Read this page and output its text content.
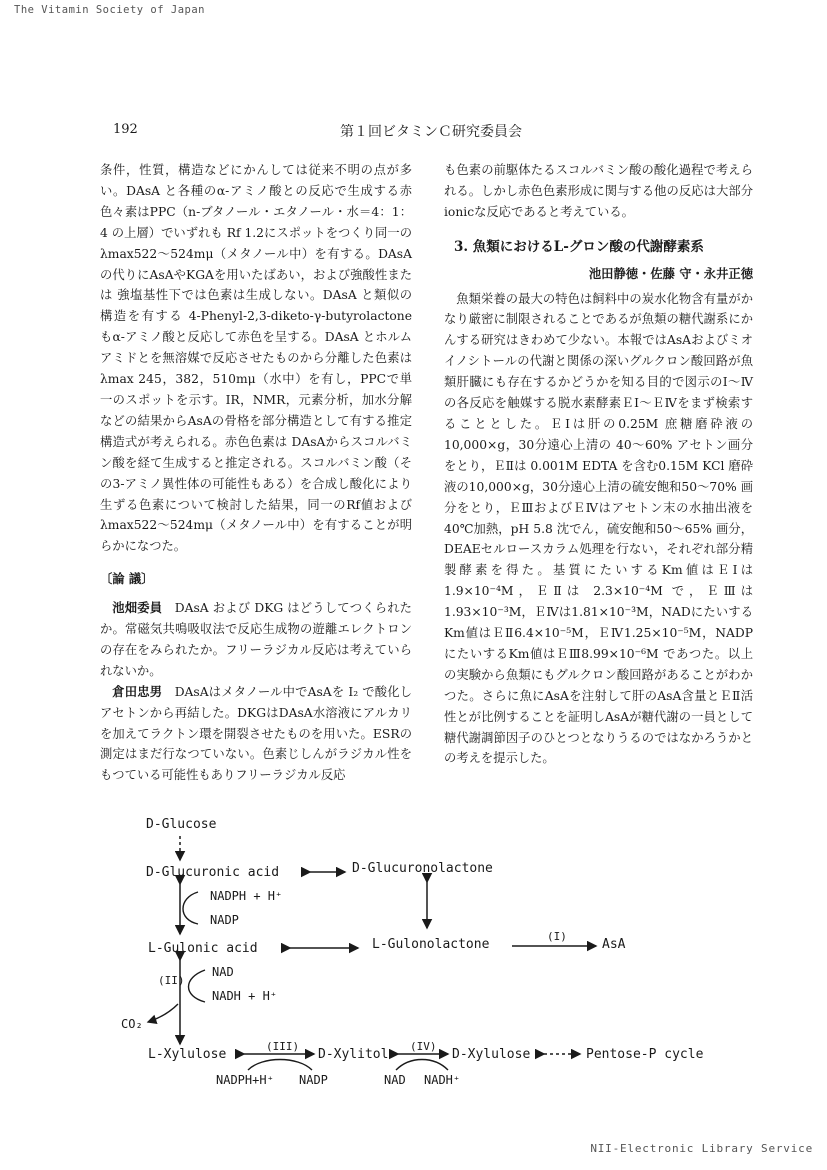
The Vitamin Society of Japan
192	第１回ビタミンＣ研究委員会

条件，性質，構造などにかんしては従来不明の点が多い。DAsA と各種のα-アミノ酸との反応で生成する赤色々素はPPC（n-ブタノール・エタノール・水＝4：1：4 の上層）でいずれも Rf 1.2にスポットをつくり同一の λmax522～524mμ（メタノール中）を有する。DAsAの代りにAsAやKGAを用いたばあい，および強酸性または 強塩基性下では色素は生成しない。DAsA と類似の構造を有する 4-Phenyl-2,3-diketo-γ-butyrolactone もα-アミノ酸と反応して赤色を呈する。DAsA とホルムアミドとを無溶媒で反応させたものから分離した色素は λmax 245，382，510mμ（水中）を有し，PPCで単一のスポットを示す。IR，NMR，元素分析，加水分解などの結果からAsAの骨格を部分構造として有する推定構造式が考えられる。赤色色素は DAsAからスコルバミン酸を経て生成すると推定される。スコルバミン酸（その3-アミノ異性体の可能性もある）を合成し酸化により生ずる色素について検討した結果，同一のRf値および λmax522～524mμ（メタノール中）を有することが明らかになつた。

〔論 議〕

池畑委員　 DAsA および DKG はどうしてつくられたか。常磁気共鳴吸収法で反応生成物の遊離エレクトロンの存在をみられたか。フリーラジカル反応は考えていられないか。

倉田忠男　 DAsAはメタノール中でAsAを I₂ で酸化しアセトンから再結した。DKGはDAsA水溶液にアルカリを加えてラクトン環を開裂させたものを用いた。ESRの測定はまだ行なつていない。色素じしんがラジカル性をもつている可能性もありフリーラジカル反応

も色素の前駆体たるスコルバミン酸の酸化過程で考えられる。しかし赤色色素形成に関与する他の反応は大部分ionicな反応であると考えている。

3. 魚類におけるL-グロン酸の代謝酵素系

池田静徳・佐藤 守・永井正徳

魚類栄養の最大の特色は飼料中の炭水化物含有量がかなり厳密に制限されることであるが魚類の糖代謝系にかんする研究はきわめて少ない。本報ではAsAおよびミオイノシトールの代謝と関係の深いグルクロン酸回路が魚類肝臓にも存在するかどうかを知る目的で図示のⅠ～Ⅳの各反応を触媒する脱水素酵素ＥⅠ～ＥⅣをまず検索することとした。ＥⅠは肝の0.25M 庶糖磨砕液の 10,000×g，30分遠心上清の 40～60% アセトン画分をとり，ＥⅡは 0.001M EDTA を含む0.15M KCl 磨砕液の10,000×g，30分遠心上清の硫安飽和50～70% 画分をとり，ＥⅢおよびＥⅣはアセトン末の水抽出液を40℃加熱，pH 5.8 沈でん，硫安飽和50～65% 画分，DEAEセルロースカラム処理を行ない，それぞれ部分精製酵素を得た。基質にたいするKm値はＥⅠは1.9×10⁻⁴M，ＥⅡは 2.3×10⁻⁴M で，ＥⅢは 1.93×10⁻³M，ＥⅣは1.81×10⁻³M，NADにたいするKm値はＥⅡ6.4×10⁻⁵M，ＥⅣ1.25×10⁻⁵M，NADPにたいするKm値はＥⅢ8.99×10⁻⁶M であつた。以上の実験から魚類にもグルクロン酸回路があることがわかつた。さらに魚にAsAを注射して肝のAsA含量とＥⅡ活性とが比例することを証明しAsAが糖代謝の一員として糖代謝調節因子のひとつとなりうるのではなかろうかとの考えを提示した。

D-Glucose
D-Glucuronic acid	D-Glucuronolactone
NADPH + H⁺
NADP
L-Gulonic acid	L-Gulonolactone
(I)
AsA
(II)
NAD
NADH + H⁺
CO₂
L-Xylulose
(III)
D-Xylitol
(IV)
D-Xylulose	Pentose-P cycle
NADPH+H⁺ NADP	NAD NADH⁺
NII-Electronic Library Service
